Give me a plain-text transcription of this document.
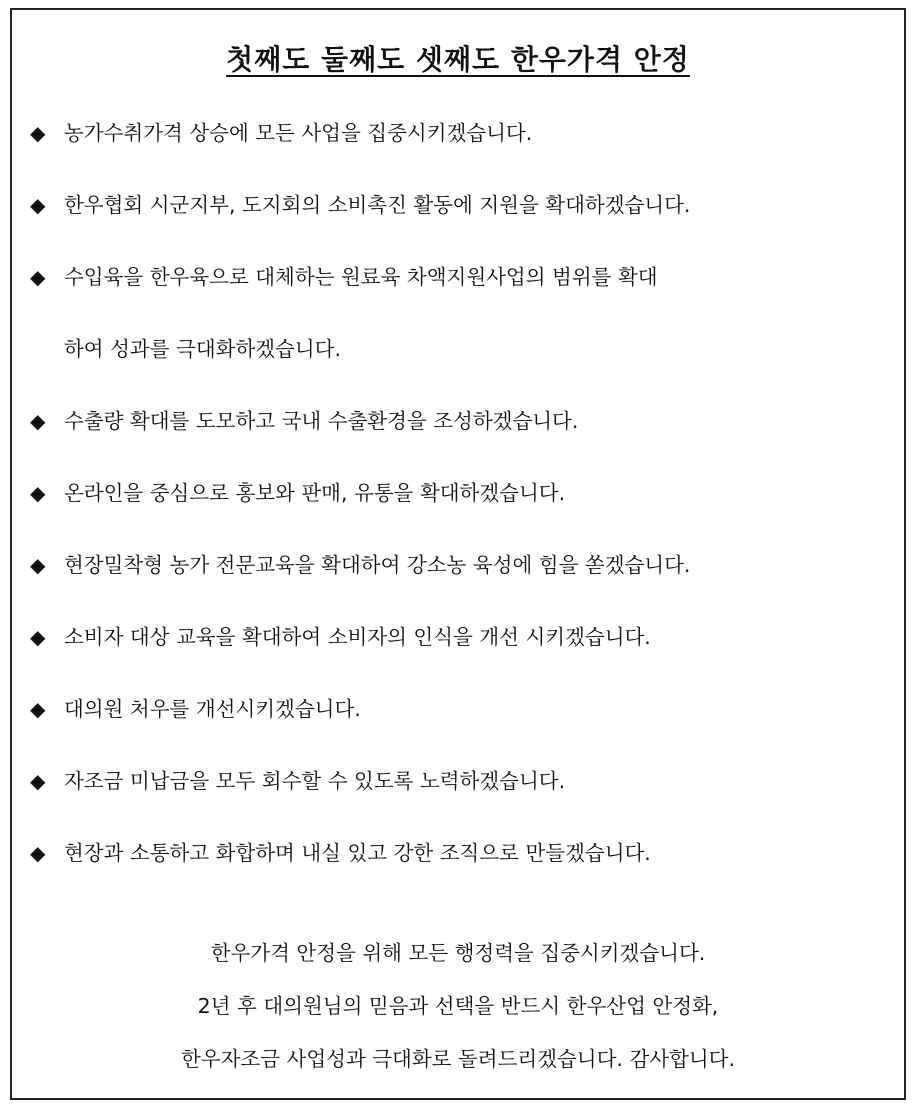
첫째도 둘째도 셋째도 한우가격 안정
◆ 농가수취가격 상승에 모든 사업을 집중시키겠습니다.
◆ 한우협회 시군지부, 도지회의 소비촉진 활동에 지원을 확대하겠습니다.
◆ 수입육을 한우육으로 대체하는 원료육 차액지원사업의 범위를 확대
하여 성과를 극대화하겠습니다.
◆ 수출량 확대를 도모하고 국내 수출환경을 조성하겠습니다.
◆ 온라인을 중심으로 홍보와 판매, 유통을 확대하겠습니다.
◆ 현장밀착형 농가 전문교육을 확대하여 강소농 육성에 힘을 쏟겠습니다.
◆ 소비자 대상 교육을 확대하여 소비자의 인식을 개선 시키겠습니다.
◆ 대의원 처우를 개선시키겠습니다.
◆ 자조금 미납금을 모두 회수할 수 있도록 노력하겠습니다.
◆ 현장과 소통하고 화합하며 내실 있고 강한 조직으로 만들겠습니다.
한우가격 안정을 위해 모든 행정력을 집중시키겠습니다.
2년 후 대의원님의 믿음과 선택을 반드시 한우산업 안정화,
한우자조금 사업성과 극대화로 돌려드리겠습니다. 감사합니다.
